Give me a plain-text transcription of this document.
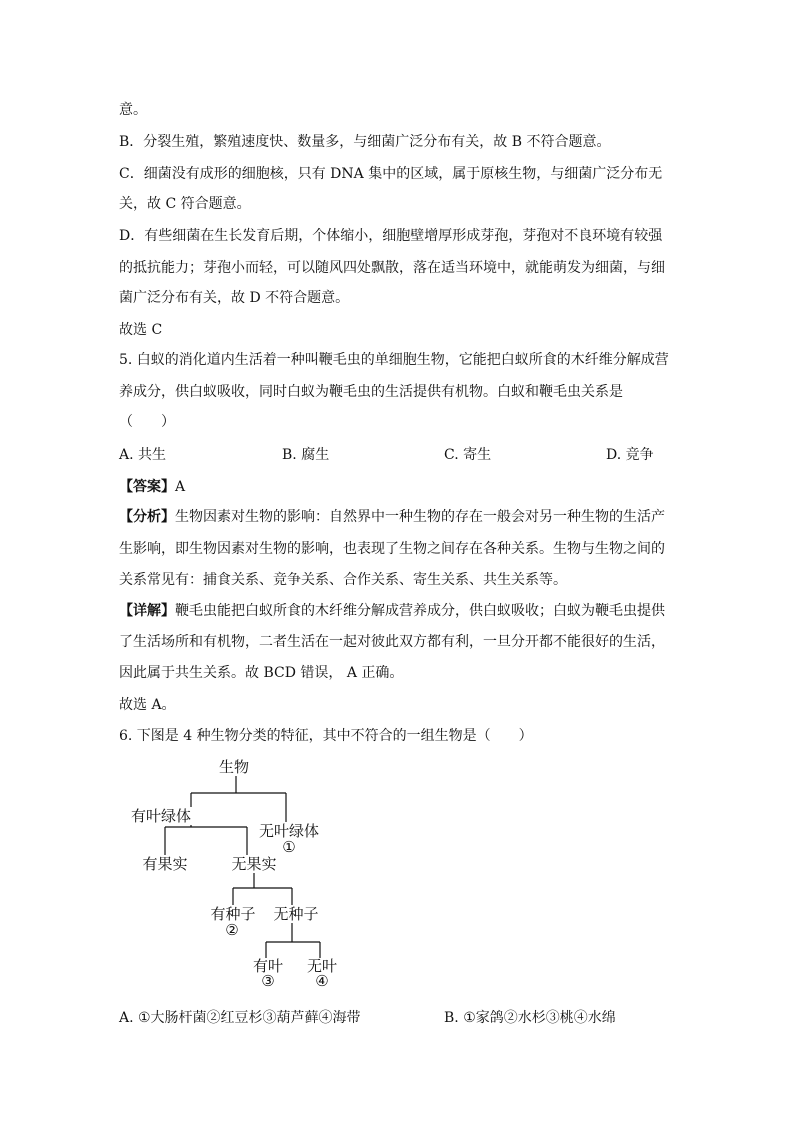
意。
B．分裂生殖，繁殖速度快、数量多，与细菌广泛分布有关，故 B 不符合题意。
C．细菌没有成形的细胞核，只有 DNA 集中的区域，属于原核生物，与细菌广泛分布无
关，故 C 符合题意。
D．有些细菌在生长发育后期，个体缩小，细胞壁增厚形成芽孢，芽孢对不良环境有较强
的抵抗能力；芽孢小而轻，可以随风四处飘散，落在适当环境中，就能萌发为细菌，与细
菌广泛分布有关，故 D 不符合题意。
故选 C
5. 白蚁的消化道内生活着一种叫鞭毛虫的单细胞生物，它能把白蚁所食的木纤维分解成营
养成分，供白蚁吸收，同时白蚁为鞭毛虫的生活提供有机物。白蚁和鞭毛虫关系是
（　　）
A. 共生	B. 腐生	C. 寄生	D. 竞争
【答案】A
【分析】生物因素对生物的影响：自然界中一种生物的存在一般会对另一种生物的生活产
生影响，即生物因素对生物的影响，也表现了生物之间存在各种关系。生物与生物之间的
关系常见有：捕食关系、竞争关系、合作关系、寄生关系、共生关系等。
【详解】鞭毛虫能把白蚁所食的木纤维分解成营养成分，供白蚁吸收；白蚁为鞭毛虫提供
了生活场所和有机物，二者生活在一起对彼此双方都有利，一旦分开都不能很好的生活，
因此属于共生关系。故 BCD 错误， A 正确。
故选 A。
6. 下图是 4 种生物分类的特征，其中不符合的一组生物是（　　）
生物
有叶绿体
无叶绿体
有果实	无果实
有种子 无种子
有叶 无叶
①
②
③	④
A. ①大肠杆菌②红豆杉③葫芦藓④海带	B. ①家鸽②水杉③桃④水绵
